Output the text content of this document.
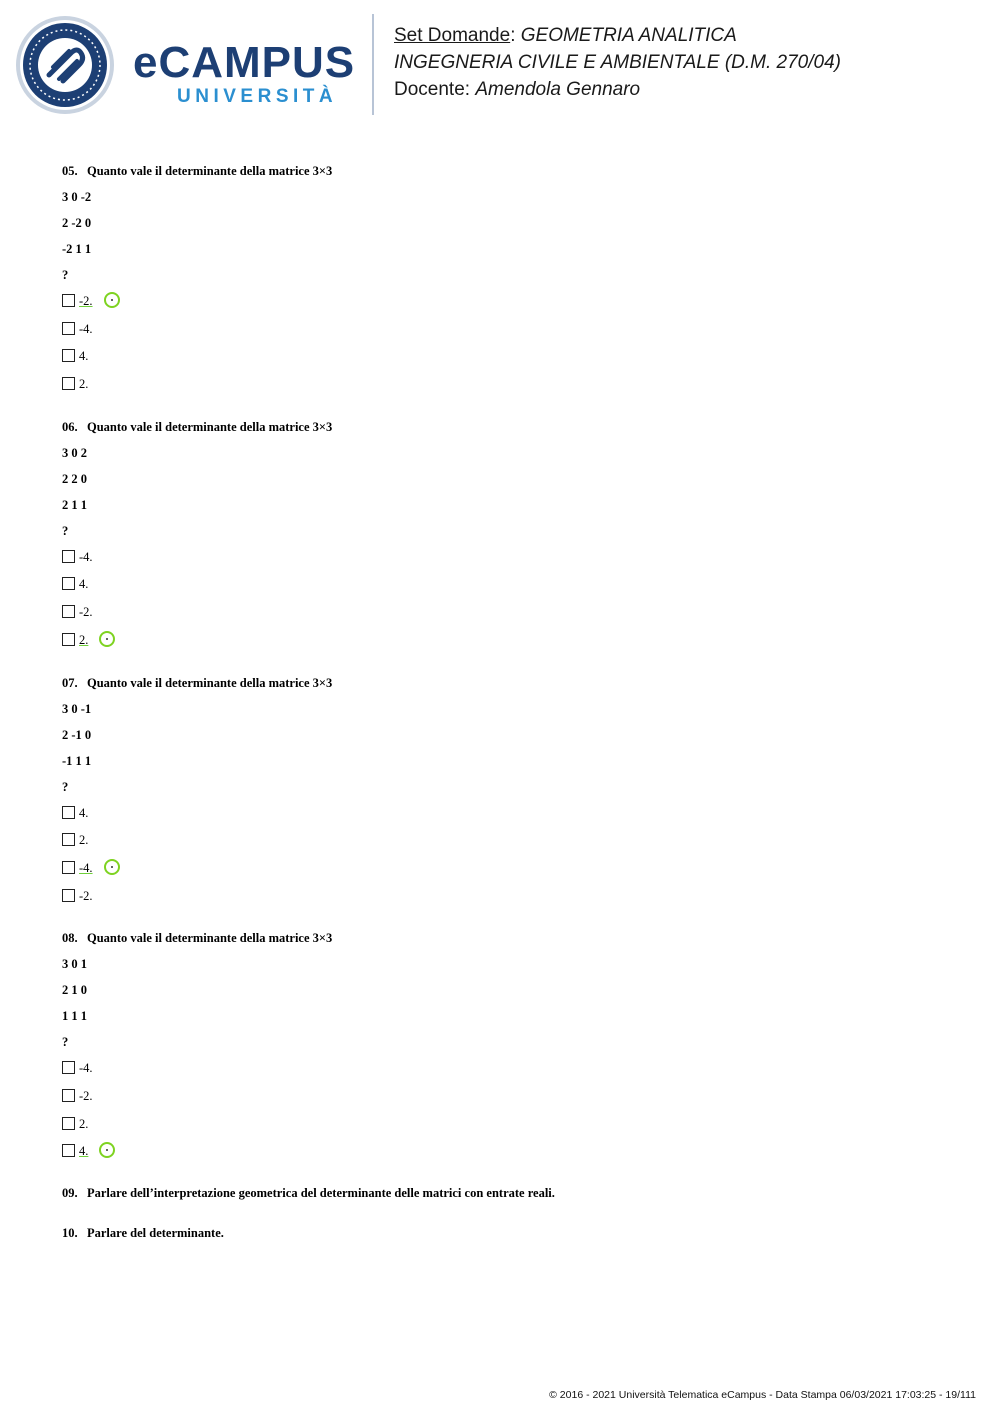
eCAMPUS
UNIVERSITÀ
Set Domande: GEOMETRIA ANALITICA
INGEGNERIA CIVILE E AMBIENTALE (D.M. 270/04)
Docente: Amendola Gennaro
05. Quanto vale il determinante della matrice 3×3
3 0 -2
2 -2 0
-2 1 1
?
-2.
-4.
4.
2.
06. Quanto vale il determinante della matrice 3×3
3 0 2
2 2 0
2 1 1
?
-4.
4.
-2.
2.
07. Quanto vale il determinante della matrice 3×3
3 0 -1
2 -1 0
-1 1 1
?
4.
2.
-4.
-2.
08. Quanto vale il determinante della matrice 3×3
3 0 1
2 1 0
1 1 1
?
-4.
-2.
2.
4.
09. Parlare dell’interpretazione geometrica del determinante delle matrici con entrate reali.
10. Parlare del determinante.
© 2016 - 2021 Università Telematica eCampus - Data Stampa 06/03/2021 17:03:25 - 19/111
